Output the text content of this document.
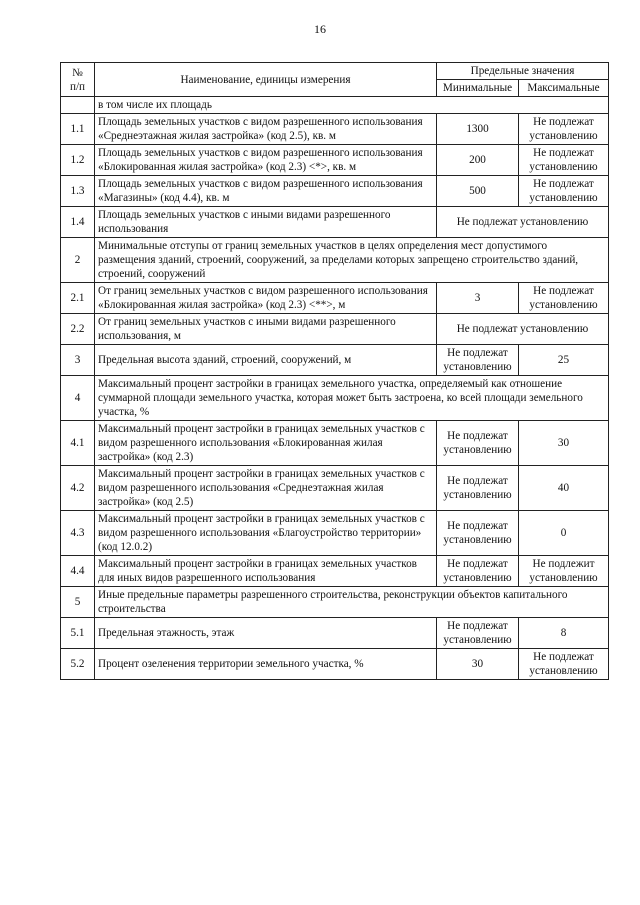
16
№
п/п	Наименование, единицы измерения	Предельные значения	
		Минимальные	Максимальные
	в том числе их площадь		
1.1	Площадь земельных участков с видом разрешенного использования «Среднеэтажная жилая застройка» (код 2.5), кв. м	1300	Не подлежат установлению
1.2	Площадь земельных участков с видом разрешенного использования «Блокированная жилая застройка» (код 2.3) <*>, кв. м	200	Не подлежат установлению
1.3	Площадь земельных участков с видом разрешенного использования «Магазины» (код 4.4), кв. м	500	Не подлежат установлению
1.4	Площадь земельных участков с иными видами разрешенного использования	Не подлежат установлению	
2	Минимальные отступы от границ земельных участков в целях определения мест допустимого размещения зданий, строений, сооружений, за пределами которых запрещено строительство зданий, строений, сооружений		
2.1	От границ земельных участков с видом разрешенного использования «Блокированная жилая застройка» (код 2.3) <**>, м	3	Не подлежат установлению
2.2	От границ земельных участков с иными видами разрешенного использования, м	Не подлежат установлению	
3	Предельная высота зданий, строений, сооружений, м	Не подлежат установлению	25
4	Максимальный процент застройки в границах земельного участка, определяемый как отношение суммарной площади земельного участка, которая может быть застроена, ко всей площади земельного участка, %		
4.1	Максимальный процент застройки в границах земельных участков с видом разрешенного использования «Блокированная жилая застройка» (код 2.3)	Не подлежат установлению	30
4.2	Максимальный процент застройки в границах земельных участков с видом разрешенного использования «Среднеэтажная жилая застройка» (код 2.5)	Не подлежат установлению	40
4.3	Максимальный процент застройки в границах земельных участков с видом разрешенного использования «Благоустройство территории» (код 12.0.2)	Не подлежат установлению	0
4.4	Максимальный процент застройки в границах земельных участков для иных видов разрешенного использования	Не подлежат установлению	Не подлежит установлению
5	Иные предельные параметры разрешенного строительства, реконструкции объектов капитального строительства		
5.1	Предельная этажность, этаж	Не подлежат установлению	8
5.2	Процент озеленения территории земельного участка, %	30	Не подлежат установлению
